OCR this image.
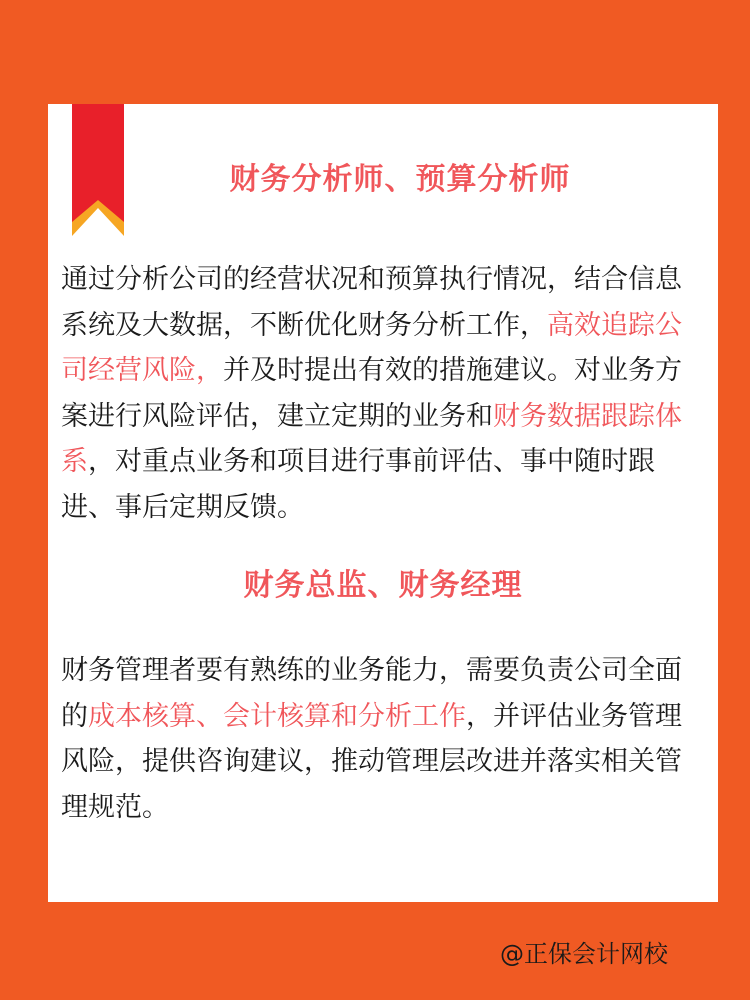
财务分析师、预算分析师

通过分析公司的经营状况和预算执行情况，结合信息
系统及大数据，不断优化财务分析工作，高效追踪公
司经营风险，并及时提出有效的措施建议。对业务方
案进行风险评估，建立定期的业务和财务数据跟踪体
系，对重点业务和项目进行事前评估、事中随时跟
进、事后定期反馈。

财务总监、财务经理

财务管理者要有熟练的业务能力，需要负责公司全面
的成本核算、会计核算和分析工作，并评估业务管理
风险，提供咨询建议，推动管理层改进并落实相关管
理规范。

@正保会计网校
